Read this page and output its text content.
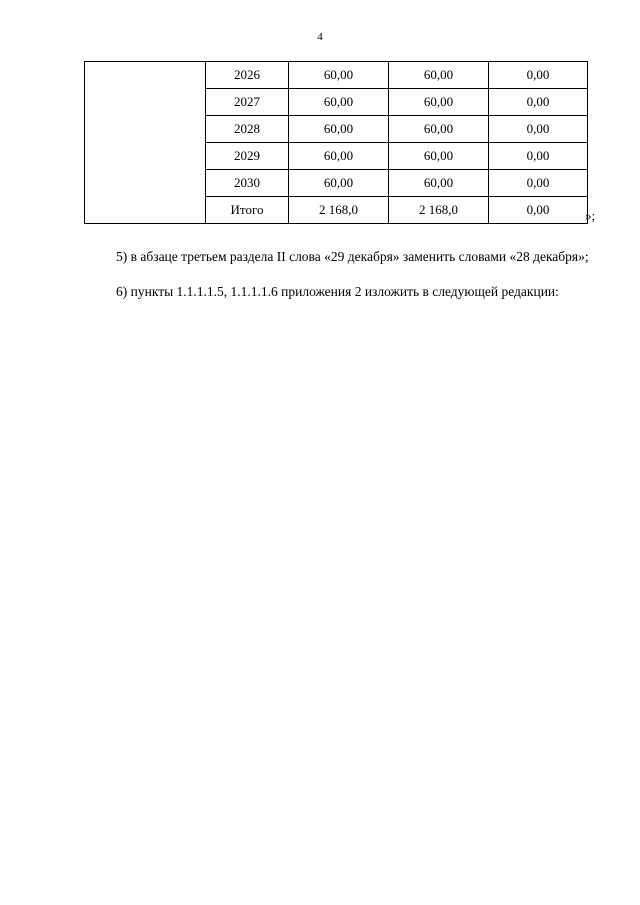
4
	2026	60,00	60,00	0,00
	2027	60,00	60,00	0,00
	2028	60,00	60,00	0,00
	2029	60,00	60,00	0,00
	2030	60,00	60,00	0,00
	Итого	2 168,0	2 168,0	0,00	»;

5) в абзаце третьем раздела II слова «29 декабря» заменить словами «28 декабря»;

6) пункты 1.1.1.1.5, 1.1.1.1.6 приложения 2 изложить в следующей редакции:
